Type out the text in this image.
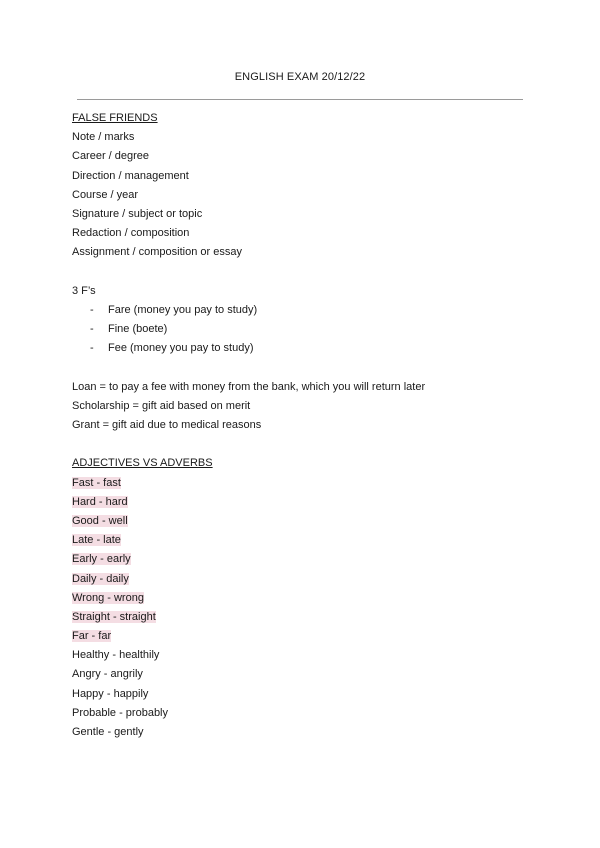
ENGLISH EXAM 20/12/22
FALSE FRIENDS
Note / marks
Career / degree
Direction / management
Course / year
Signature / subject or topic
Redaction / composition
Assignment / composition or essay
3 F’s
-	Fare (money you pay to study)
-	Fine (boete)
-	Fee (money you pay to study)
Loan = to pay a fee with money from the bank, which you will return later
Scholarship = gift aid based on merit
Grant = gift aid due to medical reasons
ADJECTIVES VS ADVERBS
Fast - fast
Hard - hard
Good - well
Late - late
Early - early
Daily - daily
Wrong - wrong
Straight - straight
Far - far
Healthy - healthily
Angry - angrily
Happy - happily
Probable - probably
Gentle - gently
